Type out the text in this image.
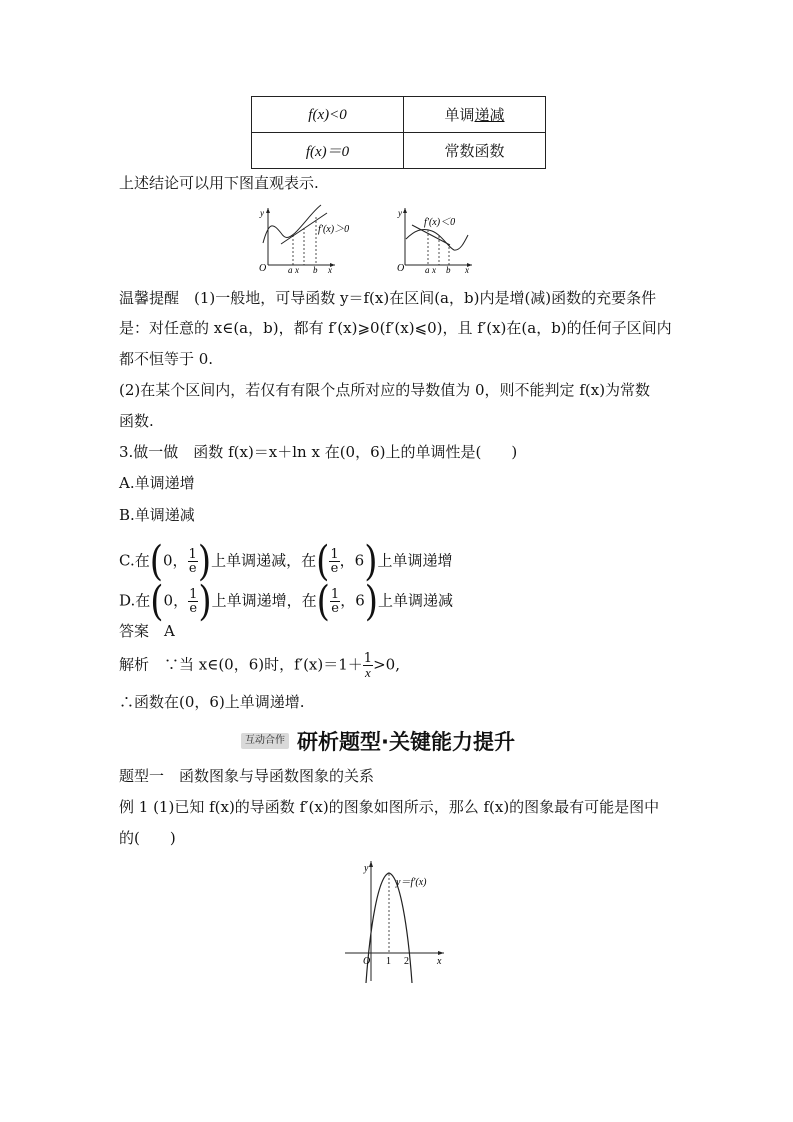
f(x)<0	单调递减
f(x)＝0	常数函数
上述结论可以用下图直观表示.
y
O a x b x
f′(x)＞0
y
O a x b x
f′(x)＜0
温馨提醒　(1)一般地，可导函数 y＝f(x)在区间(a，b)内是增(减)函数的充要条件
是：对任意的 x∈(a，b)，都有 f′(x)⩾0(f′(x)⩽0)，且 f′(x)在(a，b)的任何子区间内
都不恒等于 0.
(2)在某个区间内，若仅有有限个点所对应的导数值为 0，则不能判定 f(x)为常数
函数.
3.做一做　函数 f(x)＝x＋ln x 在(0，6)上的单调性是(　　)
A.单调递增
B.单调递减
C.在(0， $\frac{1}{e}$ )上单调递减，在( $\frac{1}{e}$ ，6)上单调递增
D.在(0， $\frac{1}{e}$ )上单调递增，在( $\frac{1}{e}$ ，6)上单调递减
答案　A
解析　∵当 x∈(0，6)时，$f'(x)=1+ \frac{1}{x} >0$,
∴函数在(0，6)上单调递增.
互动合作 研析题型·关键能力提升
题型一　函数图象与导函数图象的关系
例 1 (1)已知 f(x)的导函数 f′(x)的图象如图所示，那么 f(x)的图象最有可能是图中
的(　　)
y
x
O 1 2
y＝f′(x)
